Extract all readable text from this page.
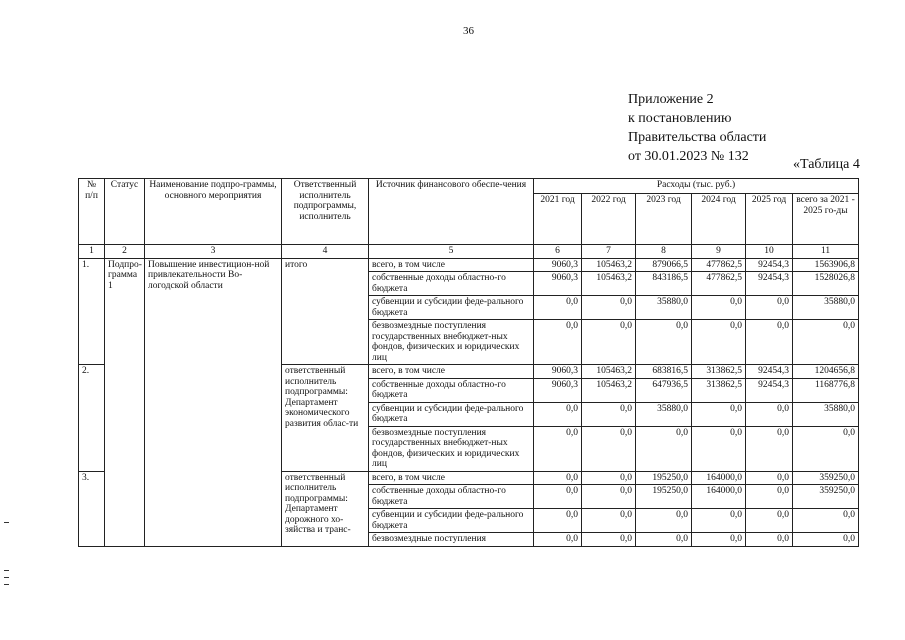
36
Приложение 2
к постановлению
Правительства области
от 30.01.2023 № 132
«Таблица 4
№ п/п	Статус	Наименование подпро-граммы, основного мероприятия	Ответственный исполнитель подпрограммы, исполнитель	Источник финансового обеспе-чения	Расходы (тыс. руб.)					
					2021 год	2022 год	2023 год	2024 год	2025 год	всего за 2021 - 2025 го-ды
1	2	3	4	5	6	7	8	9	10	11
1.	Подпро-грамма 1	Повышение инвестицион-ной привлекательности Во-логодской области	итого	всего, в том числе	9060,3	105463,2	879066,5	477862,5	92454,3	1563906,8
				собственные доходы областно-го бюджета	9060,3	105463,2	843186,5	477862,5	92454,3	1528026,8
				субвенции и субсидии феде-рального бюджета	0,0	0,0	35880,0	0,0	0,0	35880,0
				безвозмездные поступления государственных внебюджет-ных фондов, физических и юридических лиц	0,0	0,0	0,0	0,0	0,0	0,0
2.			ответственный исполнитель подпрограммы: Департамент экономического развития облас-ти	всего, в том числе	9060,3	105463,2	683816,5	313862,5	92454,3	1204656,8
				собственные доходы областно-го бюджета	9060,3	105463,2	647936,5	313862,5	92454,3	1168776,8
				субвенции и субсидии феде-рального бюджета	0,0	0,0	35880,0	0,0	0,0	35880,0
				безвозмездные поступления государственных внебюджет-ных фондов, физических и юридических лиц	0,0	0,0	0,0	0,0	0,0	0,0
3.			ответственный исполнитель подпрограммы: Департамент дорожного хо-зяйства и транс-	всего, в том числе	0,0	0,0	195250,0	164000,0	0,0	359250,0
				собственные доходы областно-го бюджета	0,0	0,0	195250,0	164000,0	0,0	359250,0
				субвенции и субсидии феде-рального бюджета	0,0	0,0	0,0	0,0	0,0	0,0
				безвозмездные поступления	0,0	0,0	0,0	0,0	0,0	0,0
